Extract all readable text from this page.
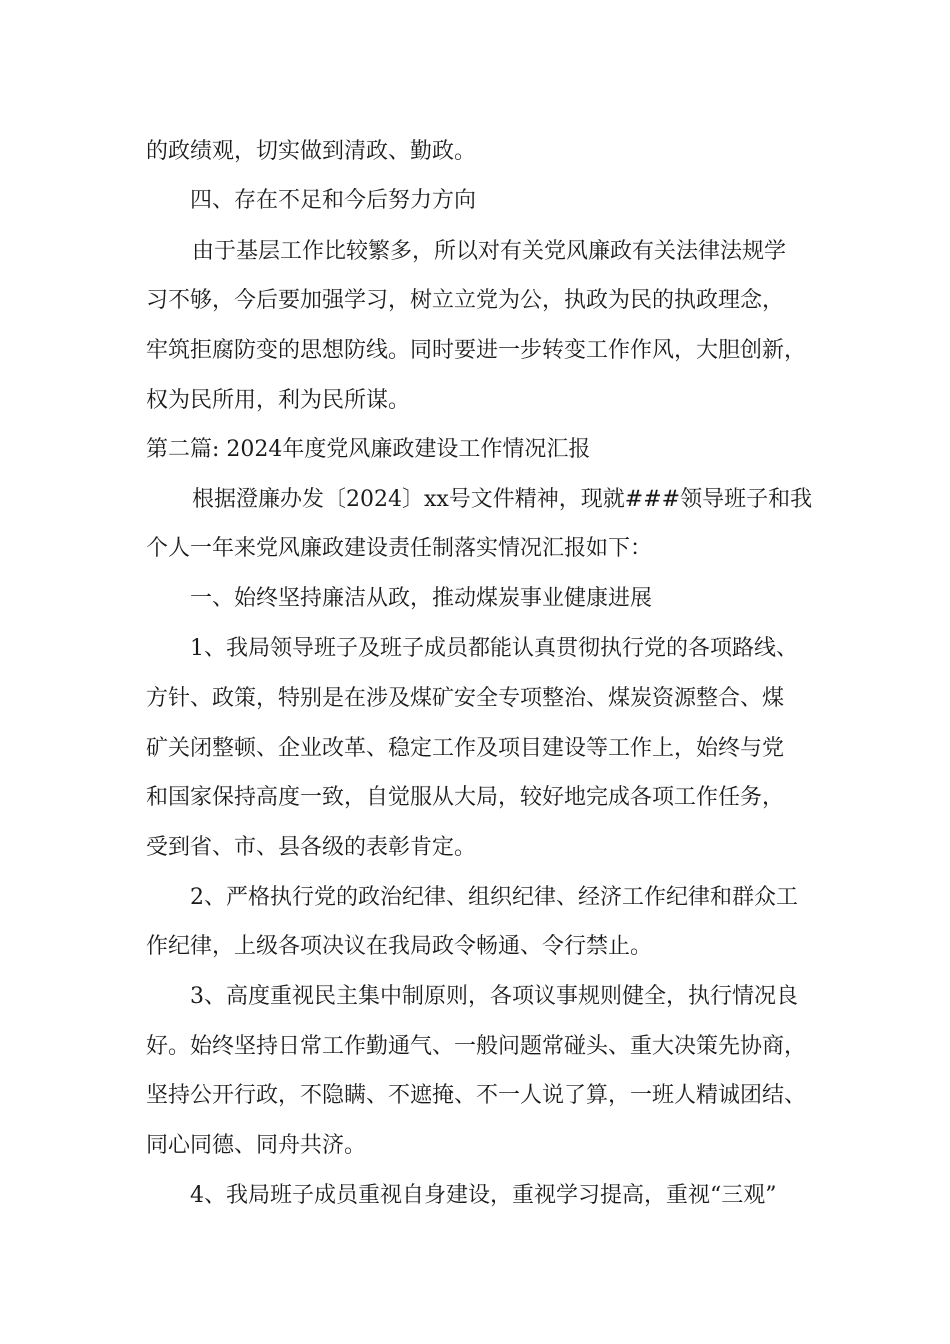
的政绩观，切实做到清政、勤政。
四、存在不足和今后努力方向
由于基层工作比较繁多，所以对有关党风廉政有关法律法规学
习不够，今后要加强学习，树立立党为公，执政为民的执政理念，
牢筑拒腐防变的思想防线。同时要进一步转变工作作风，大胆创新，
权为民所用，利为民所谋。
第二篇: 2024年度党风廉政建设工作情况汇报
根据澄廉办发〔2024〕xx号文件精神，现就###领导班子和我
个人一年来党风廉政建设责任制落实情况汇报如下：
一、始终坚持廉洁从政，推动煤炭事业健康进展
1、我局领导班子及班子成员都能认真贯彻执行党的各项路线、
方针、政策，特别是在涉及煤矿安全专项整治、煤炭资源整合、煤
矿关闭整顿、企业改革、稳定工作及项目建设等工作上，始终与党
和国家保持高度一致，自觉服从大局，较好地完成各项工作任务，
受到省、市、县各级的表彰肯定。
2、严格执行党的政治纪律、组织纪律、经济工作纪律和群众工
作纪律，上级各项决议在我局政令畅通、令行禁止。
3、高度重视民主集中制原则，各项议事规则健全，执行情况良
好。始终坚持日常工作勤通气、一般问题常碰头、重大决策先协商，
坚持公开行政，不隐瞒、不遮掩、不一人说了算，一班人精诚团结、
同心同德、同舟共济。
4、我局班子成员重视自身建设，重视学习提高，重视“三观”
